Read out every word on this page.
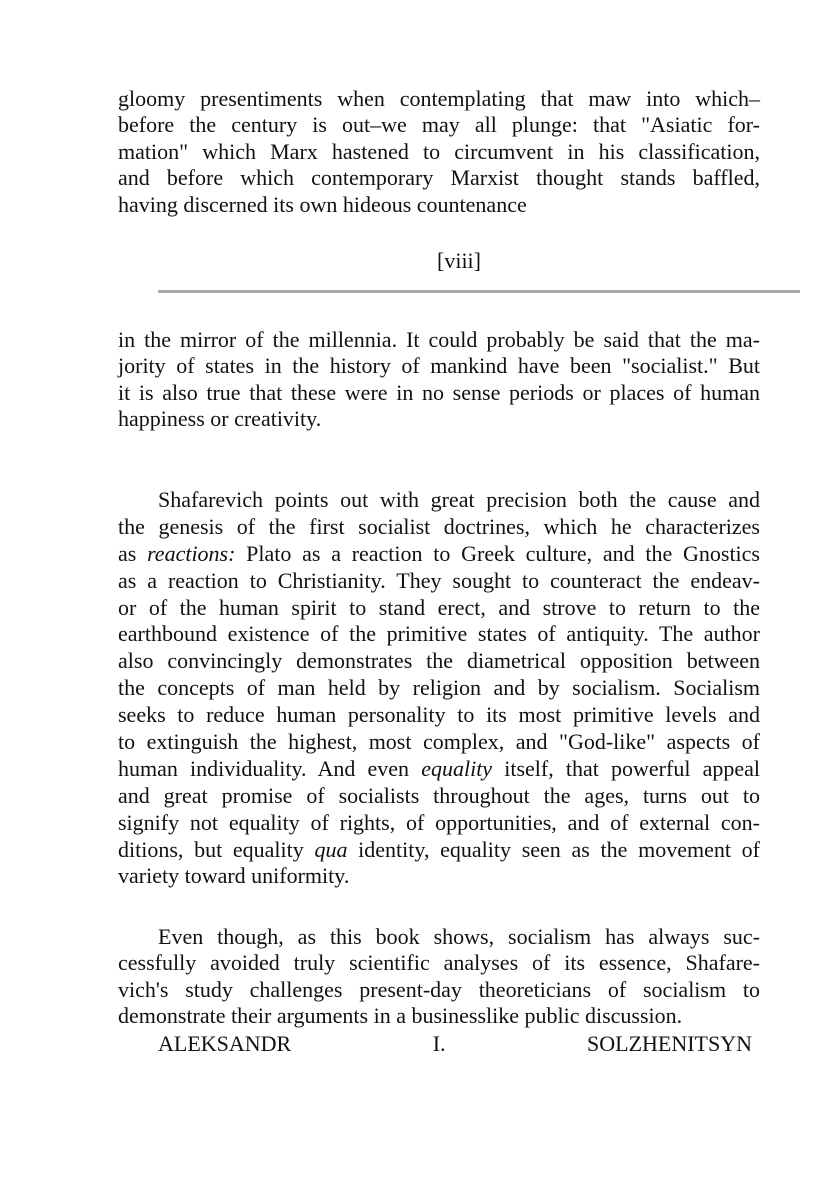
gloomy presentiments when contemplating that maw into which–
before the century is out–we may all plunge: that "Asiatic for-
mation" which Marx hastened to circumvent in his classification,
and before which contemporary Marxist thought stands baffled,
having discerned its own hideous countenance
[viii]
in the mirror of the millennia. It could probably be said that the ma-
jority of states in the history of mankind have been "socialist." But
it is also true that these were in no sense periods or places of human
happiness or creativity.
Shafarevich points out with great precision both the cause and
the genesis of the first socialist doctrines, which he characterizes
as reactions: Plato as a reaction to Greek culture, and the Gnostics
as a reaction to Christianity. They sought to counteract the endeav-
or of the human spirit to stand erect, and strove to return to the
earthbound existence of the primitive states of antiquity. The author
also convincingly demonstrates the diametrical opposition between
the concepts of man held by religion and by socialism. Socialism
seeks to reduce human personality to its most primitive levels and
to extinguish the highest, most complex, and "God-like" aspects of
human individuality. And even equality itself, that powerful appeal
and great promise of socialists throughout the ages, turns out to
signify not equality of rights, of opportunities, and of external con-
ditions, but equality qua identity, equality seen as the movement of
variety toward uniformity.
Even though, as this book shows, socialism has always suc-
cessfully avoided truly scientific analyses of its essence, Shafare-
vich's study challenges present-day theoreticians of socialism to
demonstrate their arguments in a businesslike public discussion.
ALEKSANDR I. SOLZHENITSYN
